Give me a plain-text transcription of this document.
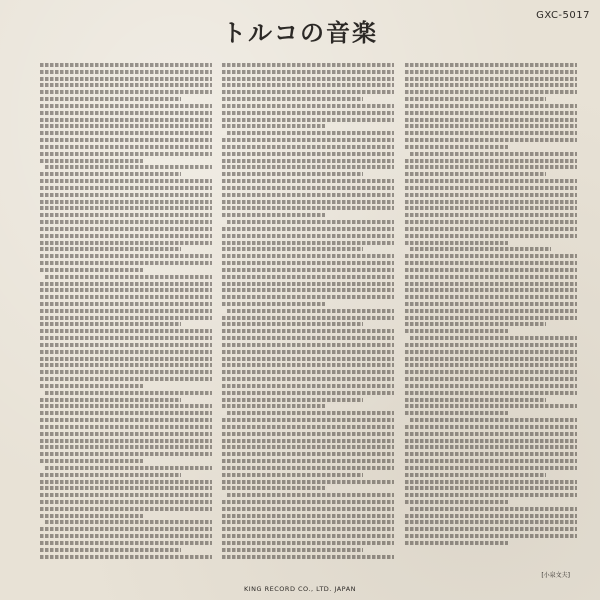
GXC-5017
トルコの音楽
[小泉文夫]
KING RECORD CO., LTD. JAPAN
